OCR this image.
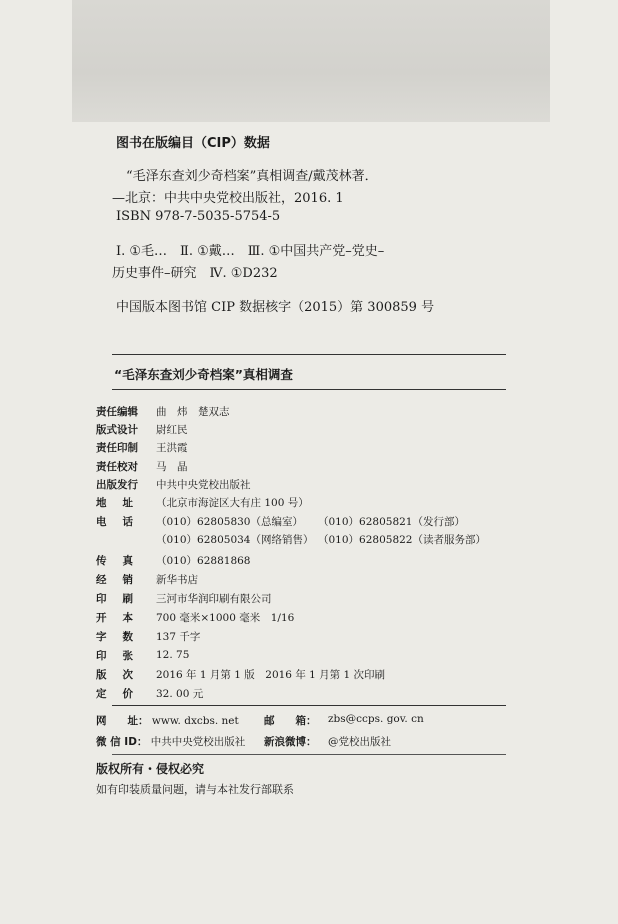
图书在版编目（CIP）数据
“毛泽东查刘少奇档案”真相调查/戴茂林著．
—北京：中共中央党校出版社，2016. 1
ISBN 978-7-5035-5754-5
Ⅰ. ①毛…　Ⅱ. ①戴…　Ⅲ. ①中国共产党–党史–
历史事件–研究　Ⅳ. ①D232
中国版本图书馆 CIP 数据核字（2015）第 300859 号
“毛泽东查刘少奇档案”真相调查
责任编辑	曲　炜　楚双志
版式设计	尉红民
责任印制	王洪霞
责任校对	马　晶
出版发行	中共中央党校出版社
地址 （北京市海淀区大有庄 100 号）
电话 （010）62805830（总编室） （010）62805821（发行部）
（010）62805034（网络销售） （010）62805822（读者服务部）
传真 （010）62881868
经销 新华书店
印刷 三河市华润印刷有限公司
开本 700 毫米×1000 毫米　1/16
字数 137 千字
印张 12. 75
版次 2016 年 1 月第 1 版　2016 年 1 月第 1 次印刷
定价 32. 00 元
网　　址： www. dxcbs. net 邮　　箱： zbs@ccps. gov. cn
微 信 ID： 中共中央党校出版社 新浪微博： @党校出版社
版权所有・侵权必究
如有印装质量问题，请与本社发行部联系
